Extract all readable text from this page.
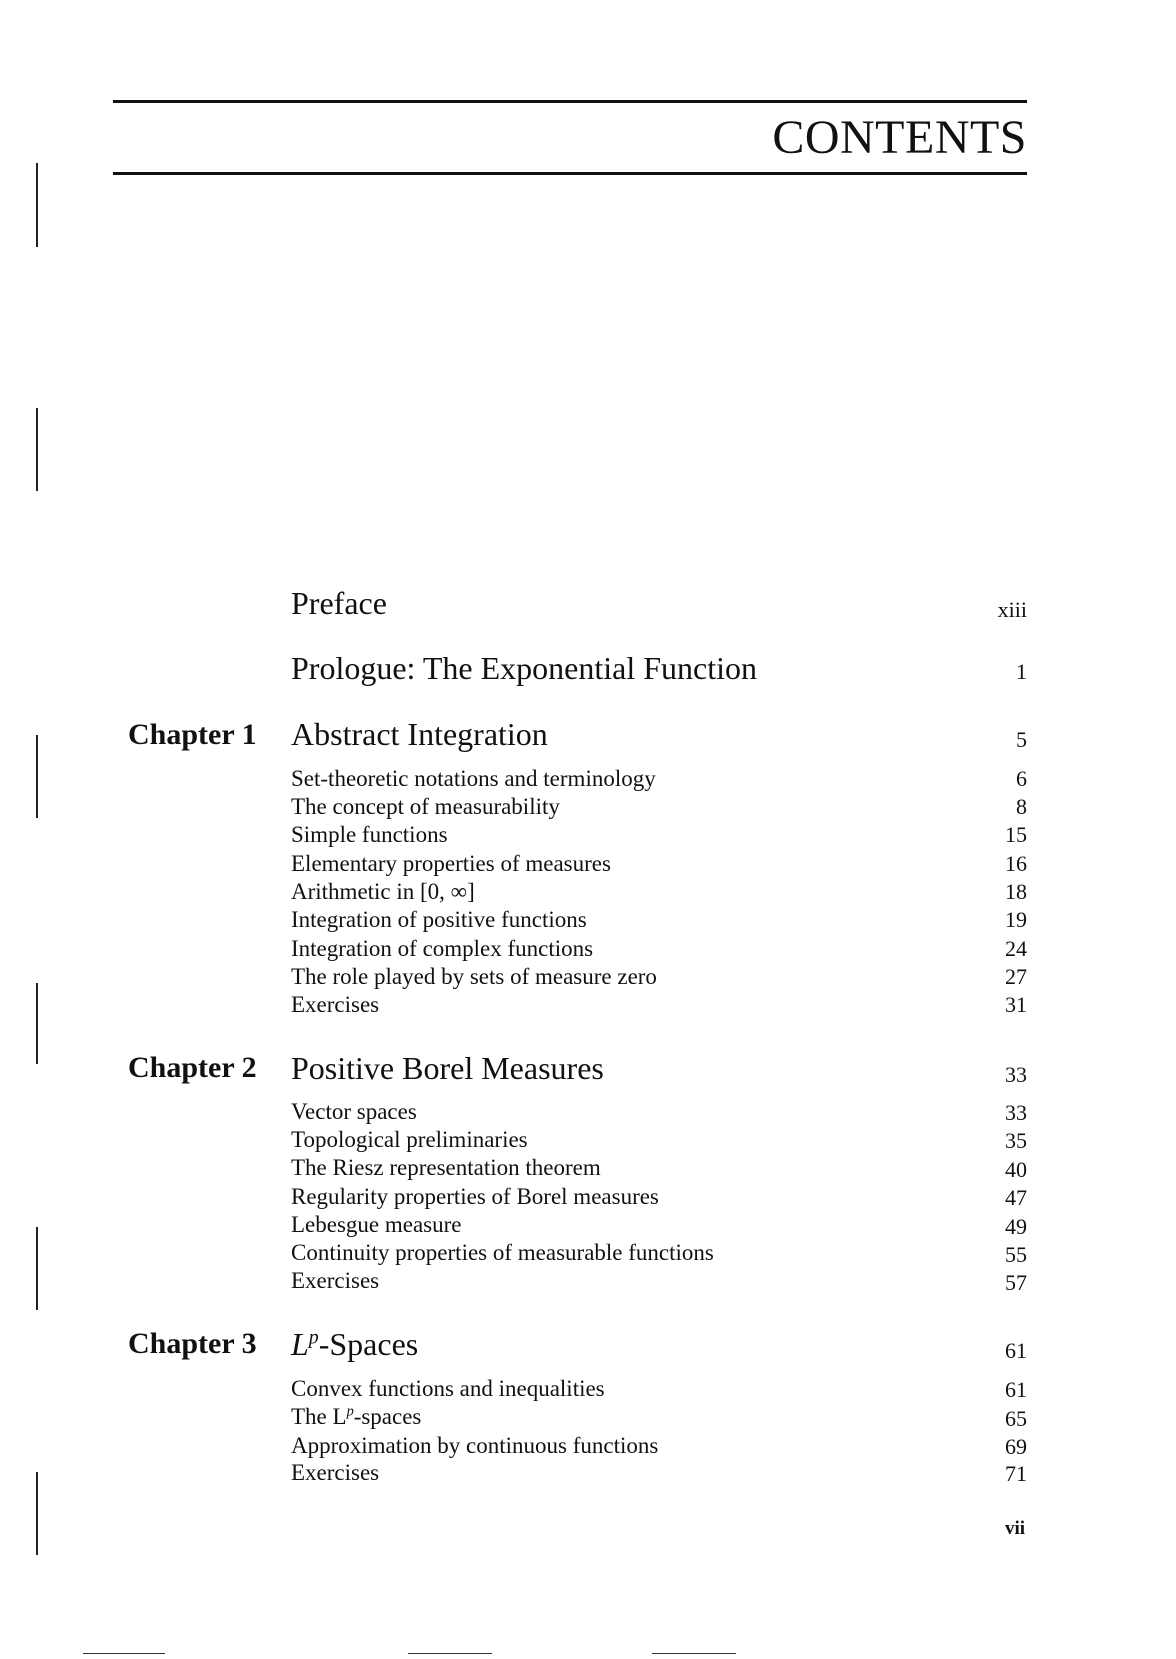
CONTENTS
Preface	xiii
Prologue: The Exponential Function	1
Chapter 1 Abstract Integration	5
Set-theoretic notations and terminology	6
The concept of measurability	8
Simple functions	15
Elementary properties of measures	16
Arithmetic in [0, ∞]	18
Integration of positive functions	19
Integration of complex functions	24
The role played by sets of measure zero	27
Exercises	31
Chapter 2 Positive Borel Measures	33
Vector spaces	33
Topological preliminaries	35
The Riesz representation theorem	40
Regularity properties of Borel measures	47
Lebesgue measure	49
Continuity properties of measurable functions	55
Exercises	57
Chapter 3 $L^p$-Spaces	61
Convex functions and inequalities	61
The $L^p$-spaces	65
Approximation by continuous functions	69
Exercises	71
vii
